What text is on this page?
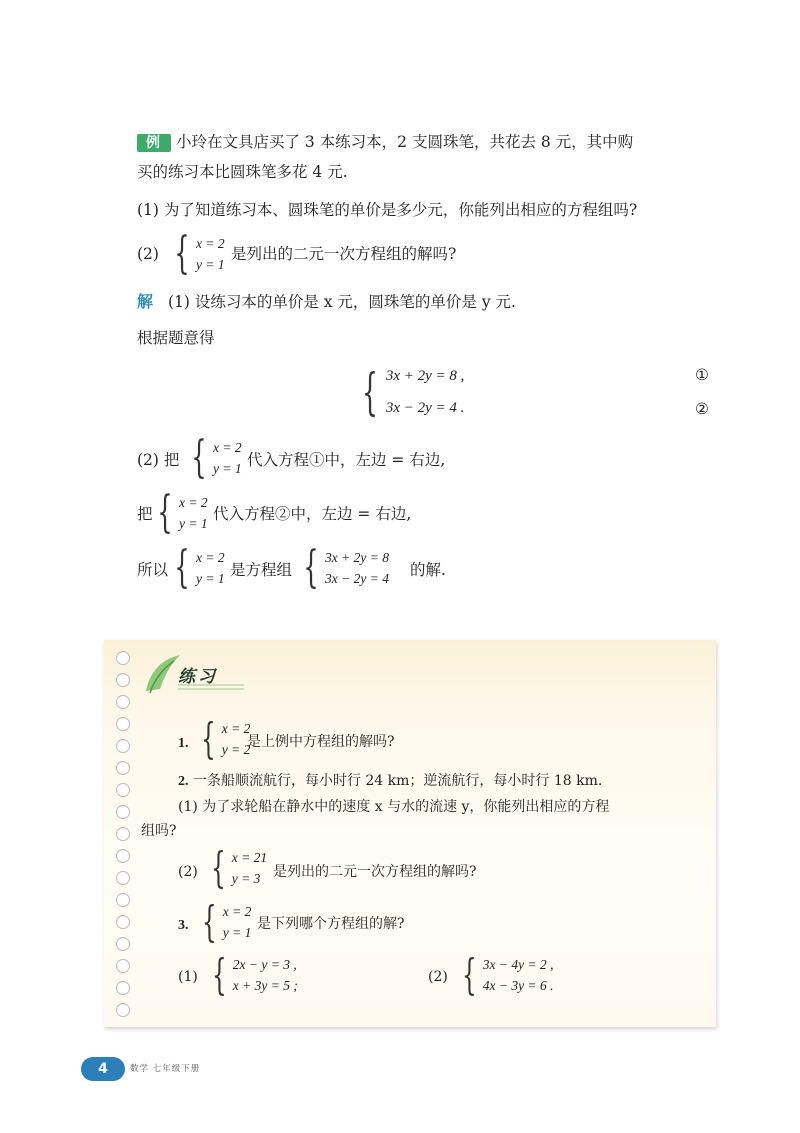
例 小玲在文具店买了 3 本练习本，2 支圆珠笔，共花去 8 元，其中购
买的练习本比圆珠笔多花 4 元.
(1) 为了知道练习本、圆珠笔的单价是多少元，你能列出相应的方程组吗?
(2) { x = 2
y = 1
是列出的二元一次方程组的解吗?
解 (1) 设练习本的单价是 x 元，圆珠笔的单价是 y 元.
根据题意得
{ 3x + 2y = 8 ,
3x − 2y = 4 .
①
②
(2) 把 { x = 2
y = 1 代入方程①中，左边 = 右边,
把 { x = 2
y = 1
代入方程②中，左边 = 右边,
所以 { x = 2
y = 1 是方程组 { 3x + 2y = 8
3x − 2y = 4 的解.
练习
1. { x = 2
y = 2
是上例中方程组的解吗?
2. 一条船顺流航行，每小时行 24 km；逆流航行，每小时行 18 km.
(1) 为了求轮船在静水中的速度 x 与水的流速 y，你能列出相应的方程
组吗?
(2) { x = 21
y = 3 是列出的二元一次方程组的解吗?
3. { x = 2
y = 1
是下列哪个方程组的解?
(1) { 2x − y = 3 ,
x + 3y = 5 ;
(2) { 3x − 4y = 2 ,
4x − 3y = 6 .
4	数学 七年级下册
